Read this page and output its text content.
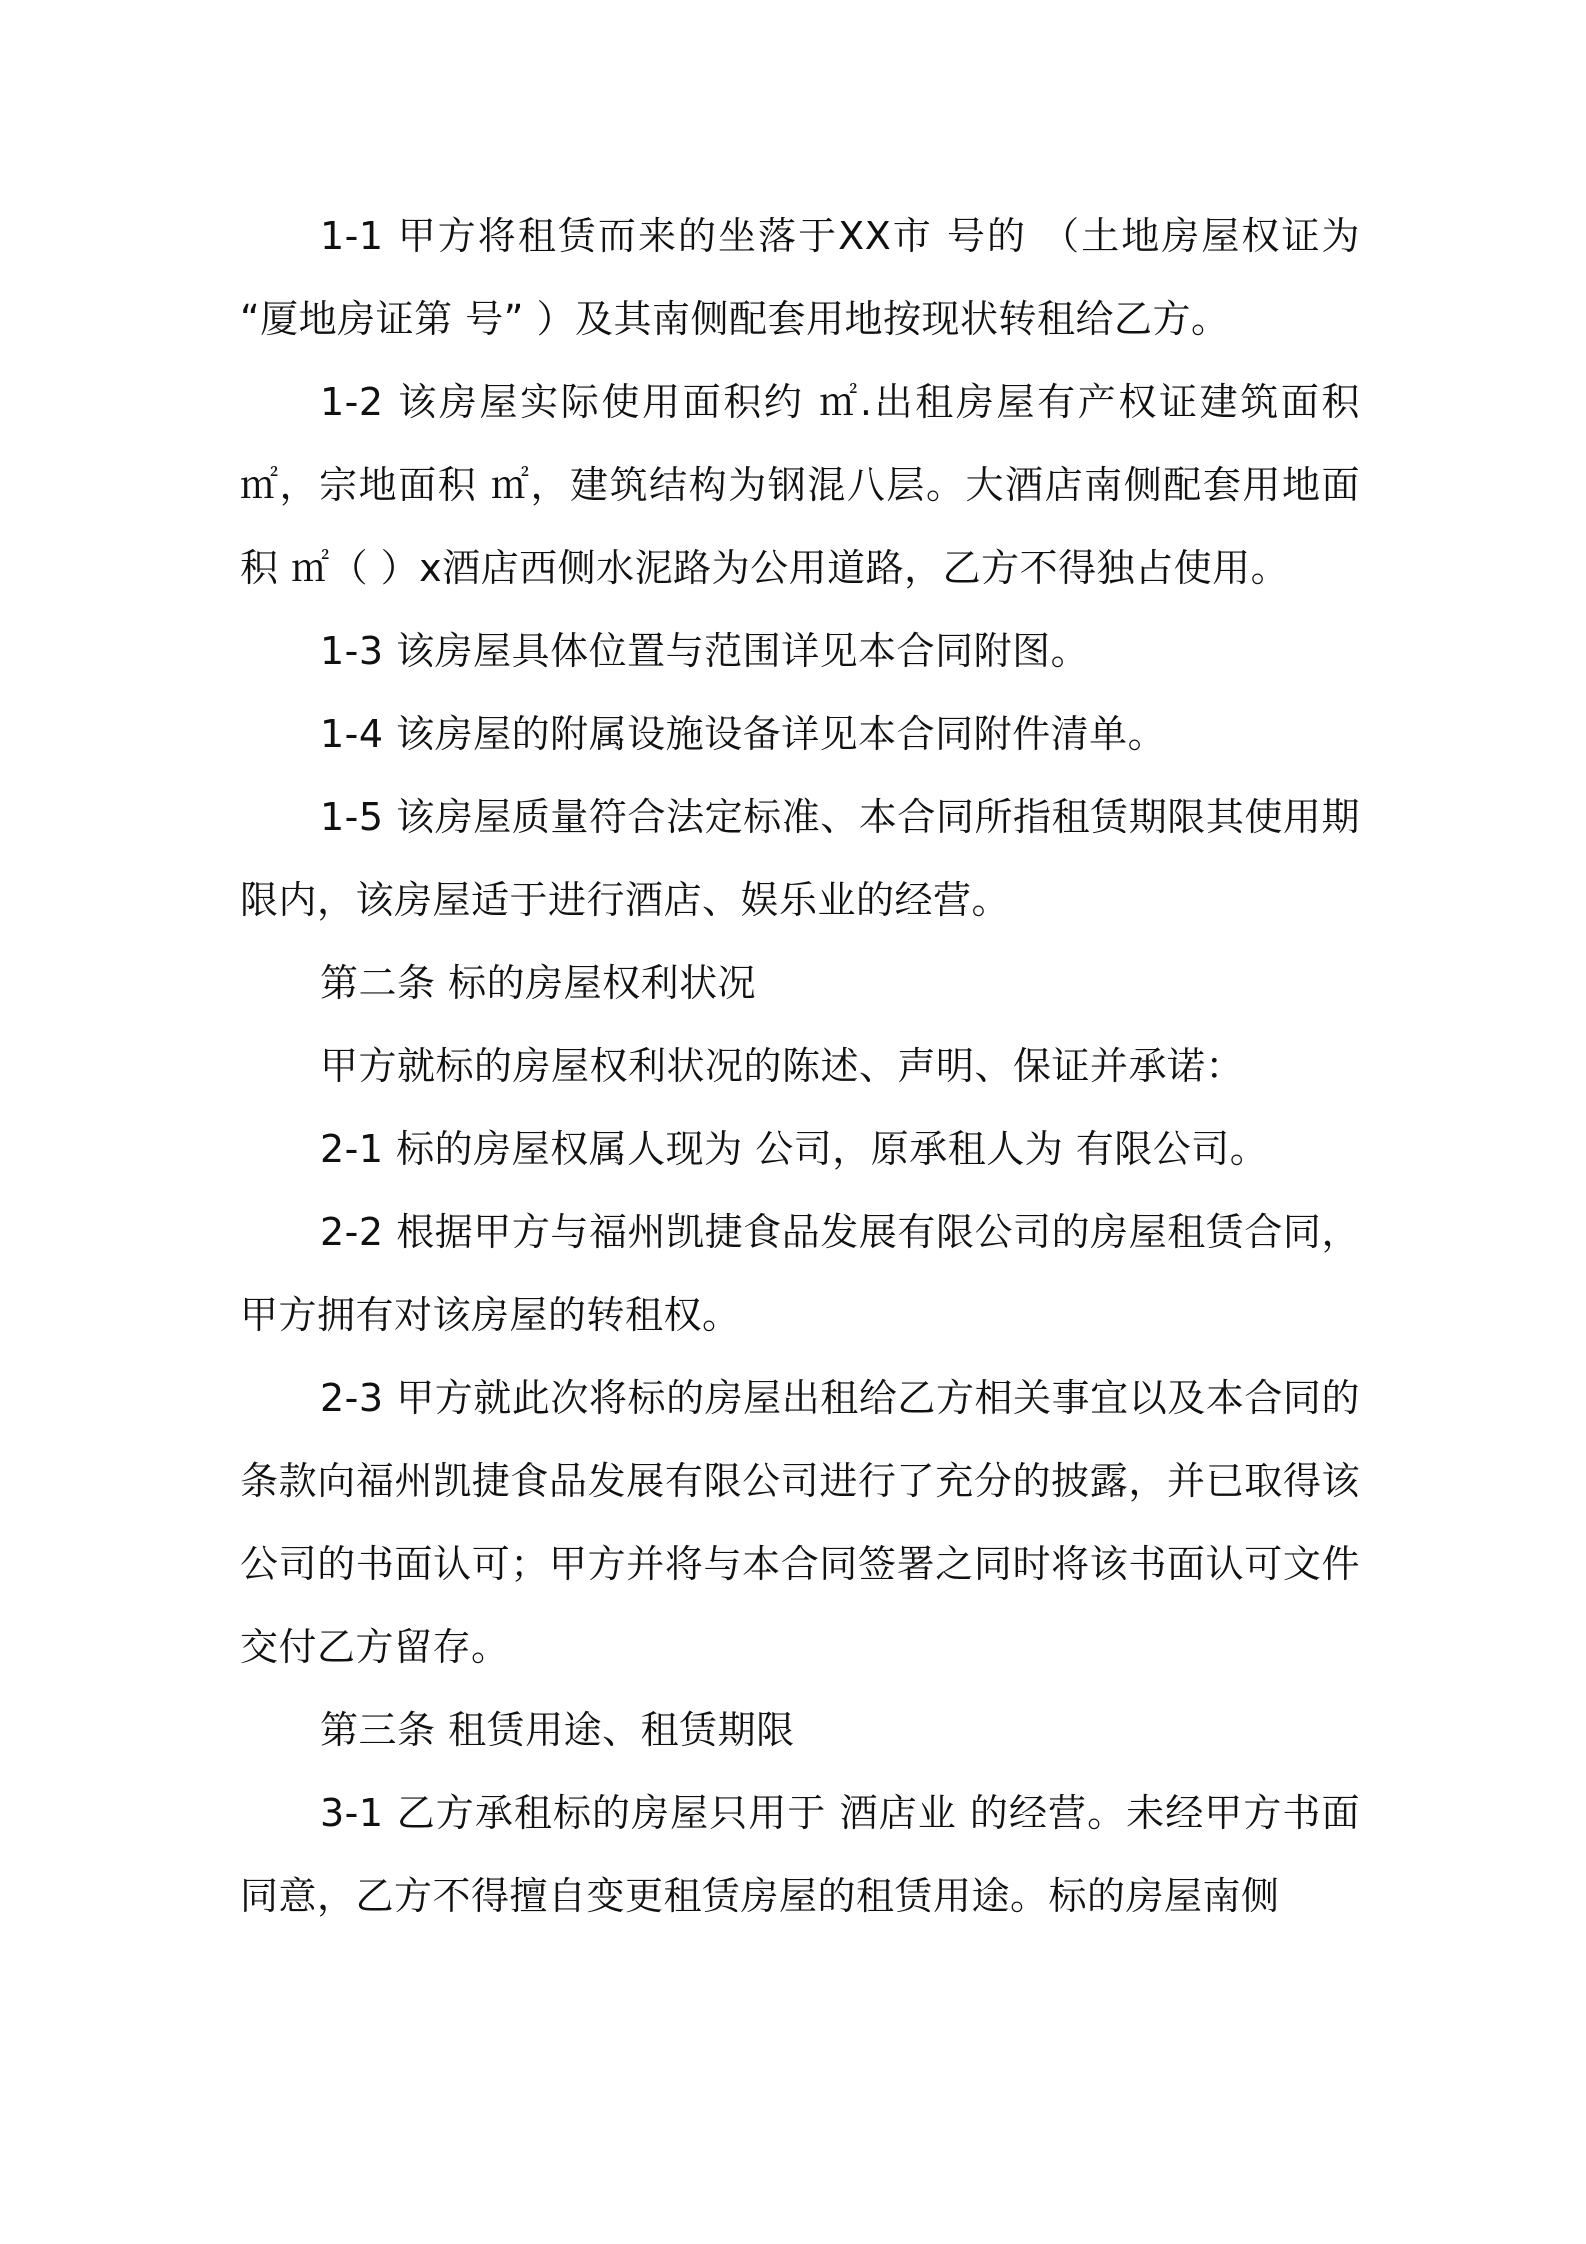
1-1 甲方将租赁而来的坐落于XX市 号的 （土地房屋权证为 “厦地房证第 号” ）及其南侧配套用地按现状转租给乙方。

1-2 该房屋实际使用面积约 ㎡.出租房屋有产权证建筑面积 ㎡，宗地面积 ㎡，建筑结构为钢混八层。大酒店南侧配套用地面积 ㎡（ ）x酒店西侧水泥路为公用道路，乙方不得独占使用。

1-3 该房屋具体位置与范围详见本合同附图。

1-4 该房屋的附属设施设备详见本合同附件清单。

1-5 该房屋质量符合法定标准、本合同所指租赁期限其使用期限内，该房屋适于进行酒店、娱乐业的经营。

第二条 标的房屋权利状况

甲方就标的房屋权利状况的陈述、声明、保证并承诺：

2-1 标的房屋权属人现为 公司，原承租人为 有限公司。

2-2 根据甲方与福州凯捷食品发展有限公司的房屋租赁合同，甲方拥有对该房屋的转租权。

2-3 甲方就此次将标的房屋出租给乙方相关事宜以及本合同的条款向福州凯捷食品发展有限公司进行了充分的披露，并已取得该公司的书面认可；甲方并将与本合同签署之同时将该书面认可文件交付乙方留存。

第三条 租赁用途、租赁期限

3-1 乙方承租标的房屋只用于 酒店业 的经营。未经甲方书面同意，乙方不得擅自变更租赁房屋的租赁用途。标的房屋南侧
